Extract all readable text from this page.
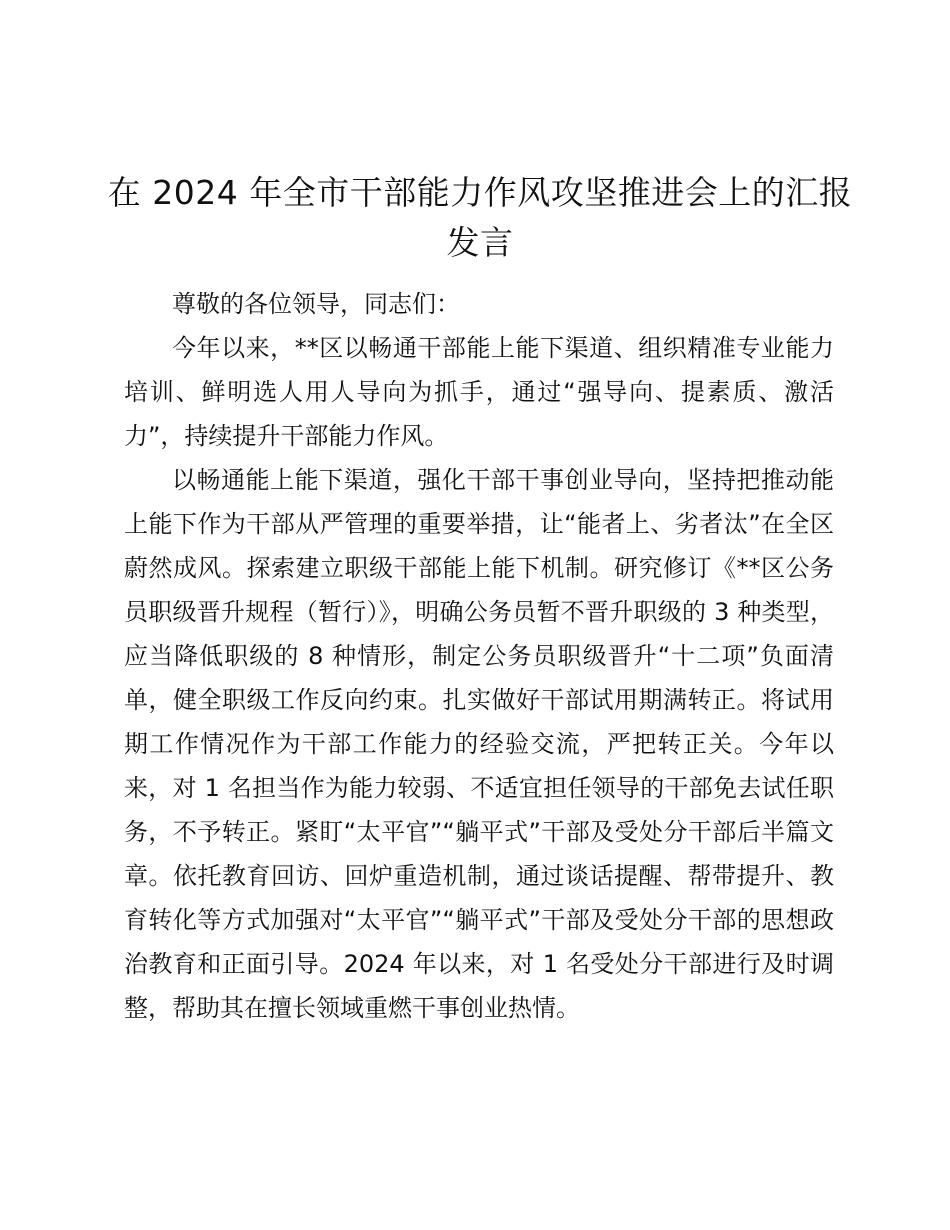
在 2024 年全市干部能力作风攻坚推进会上的汇报发言

尊敬的各位领导，同志们：

今年以来，**区以畅通干部能上能下渠道、组织精准专业能力培训、鲜明选人用人导向为抓手，通过“强导向、提素质、激活力”，持续提升干部能力作风。

以畅通能上能下渠道，强化干部干事创业导向，坚持把推动能上能下作为干部从严管理的重要举措，让“能者上、劣者汰”在全区蔚然成风。探索建立职级干部能上能下机制。研究修订《**区公务员职级晋升规程（暂行）》，明确公务员暂不晋升职级的 3 种类型，应当降低职级的 8 种情形，制定公务员职级晋升“十二项”负面清单，健全职级工作反向约束。扎实做好干部试用期满转正。将试用期工作情况作为干部工作能力的经验交流，严把转正关。今年以来，对 1 名担当作为能力较弱、不适宜担任领导的干部免去试任职务，不予转正。紧盯“太平官”“躺平式”干部及受处分干部后半篇文章。依托教育回访、回炉重造机制，通过谈话提醒、帮带提升、教育转化等方式加强对“太平官”“躺平式”干部及受处分干部的思想政治教育和正面引导。2024 年以来，对 1 名受处分干部进行及时调整，帮助其在擅长领域重燃干事创业热情。
